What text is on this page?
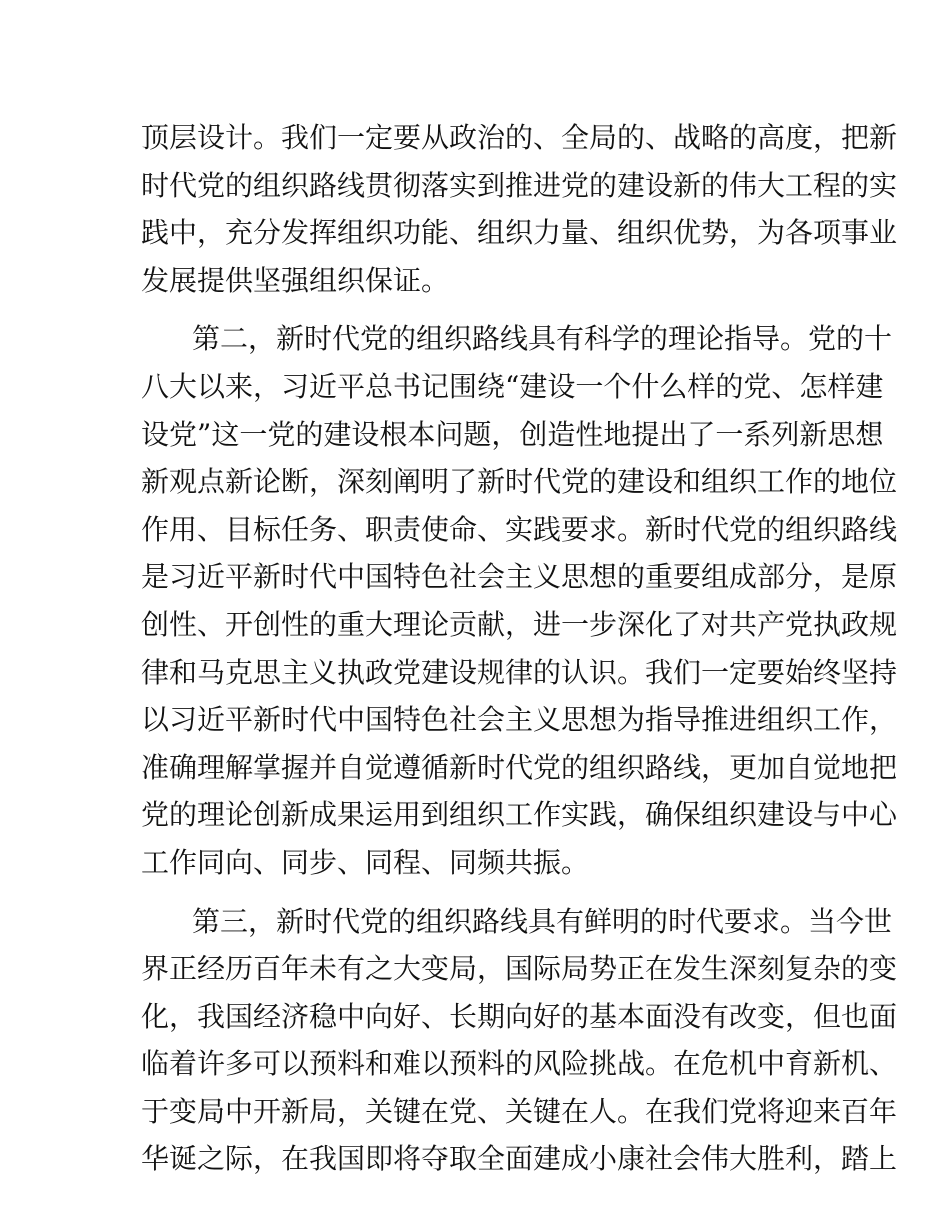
顶层设计。我们一定要从政治的、全局的、战略的高度，把新
时代党的组织路线贯彻落实到推进党的建设新的伟大工程的实
践中，充分发挥组织功能、组织力量、组织优势，为各项事业
发展提供坚强组织保证。
第二，新时代党的组织路线具有科学的理论指导。党的十
八大以来，习近平总书记围绕“建设一个什么样的党、怎样建
设党”这一党的建设根本问题，创造性地提出了一系列新思想
新观点新论断，深刻阐明了新时代党的建设和组织工作的地位
作用、目标任务、职责使命、实践要求。新时代党的组织路线
是习近平新时代中国特色社会主义思想的重要组成部分，是原
创性、开创性的重大理论贡献，进一步深化了对共产党执政规
律和马克思主义执政党建设规律的认识。我们一定要始终坚持
以习近平新时代中国特色社会主义思想为指导推进组织工作，
准确理解掌握并自觉遵循新时代党的组织路线，更加自觉地把
党的理论创新成果运用到组织工作实践，确保组织建设与中心
工作同向、同步、同程、同频共振。
第三，新时代党的组织路线具有鲜明的时代要求。当今世
界正经历百年未有之大变局，国际局势正在发生深刻复杂的变
化，我国经济稳中向好、长期向好的基本面没有改变，但也面
临着许多可以预料和难以预料的风险挑战。在危机中育新机、
于变局中开新局，关键在党、关键在人。在我们党将迎来百年
华诞之际，在我国即将夺取全面建成小康社会伟大胜利，踏上
